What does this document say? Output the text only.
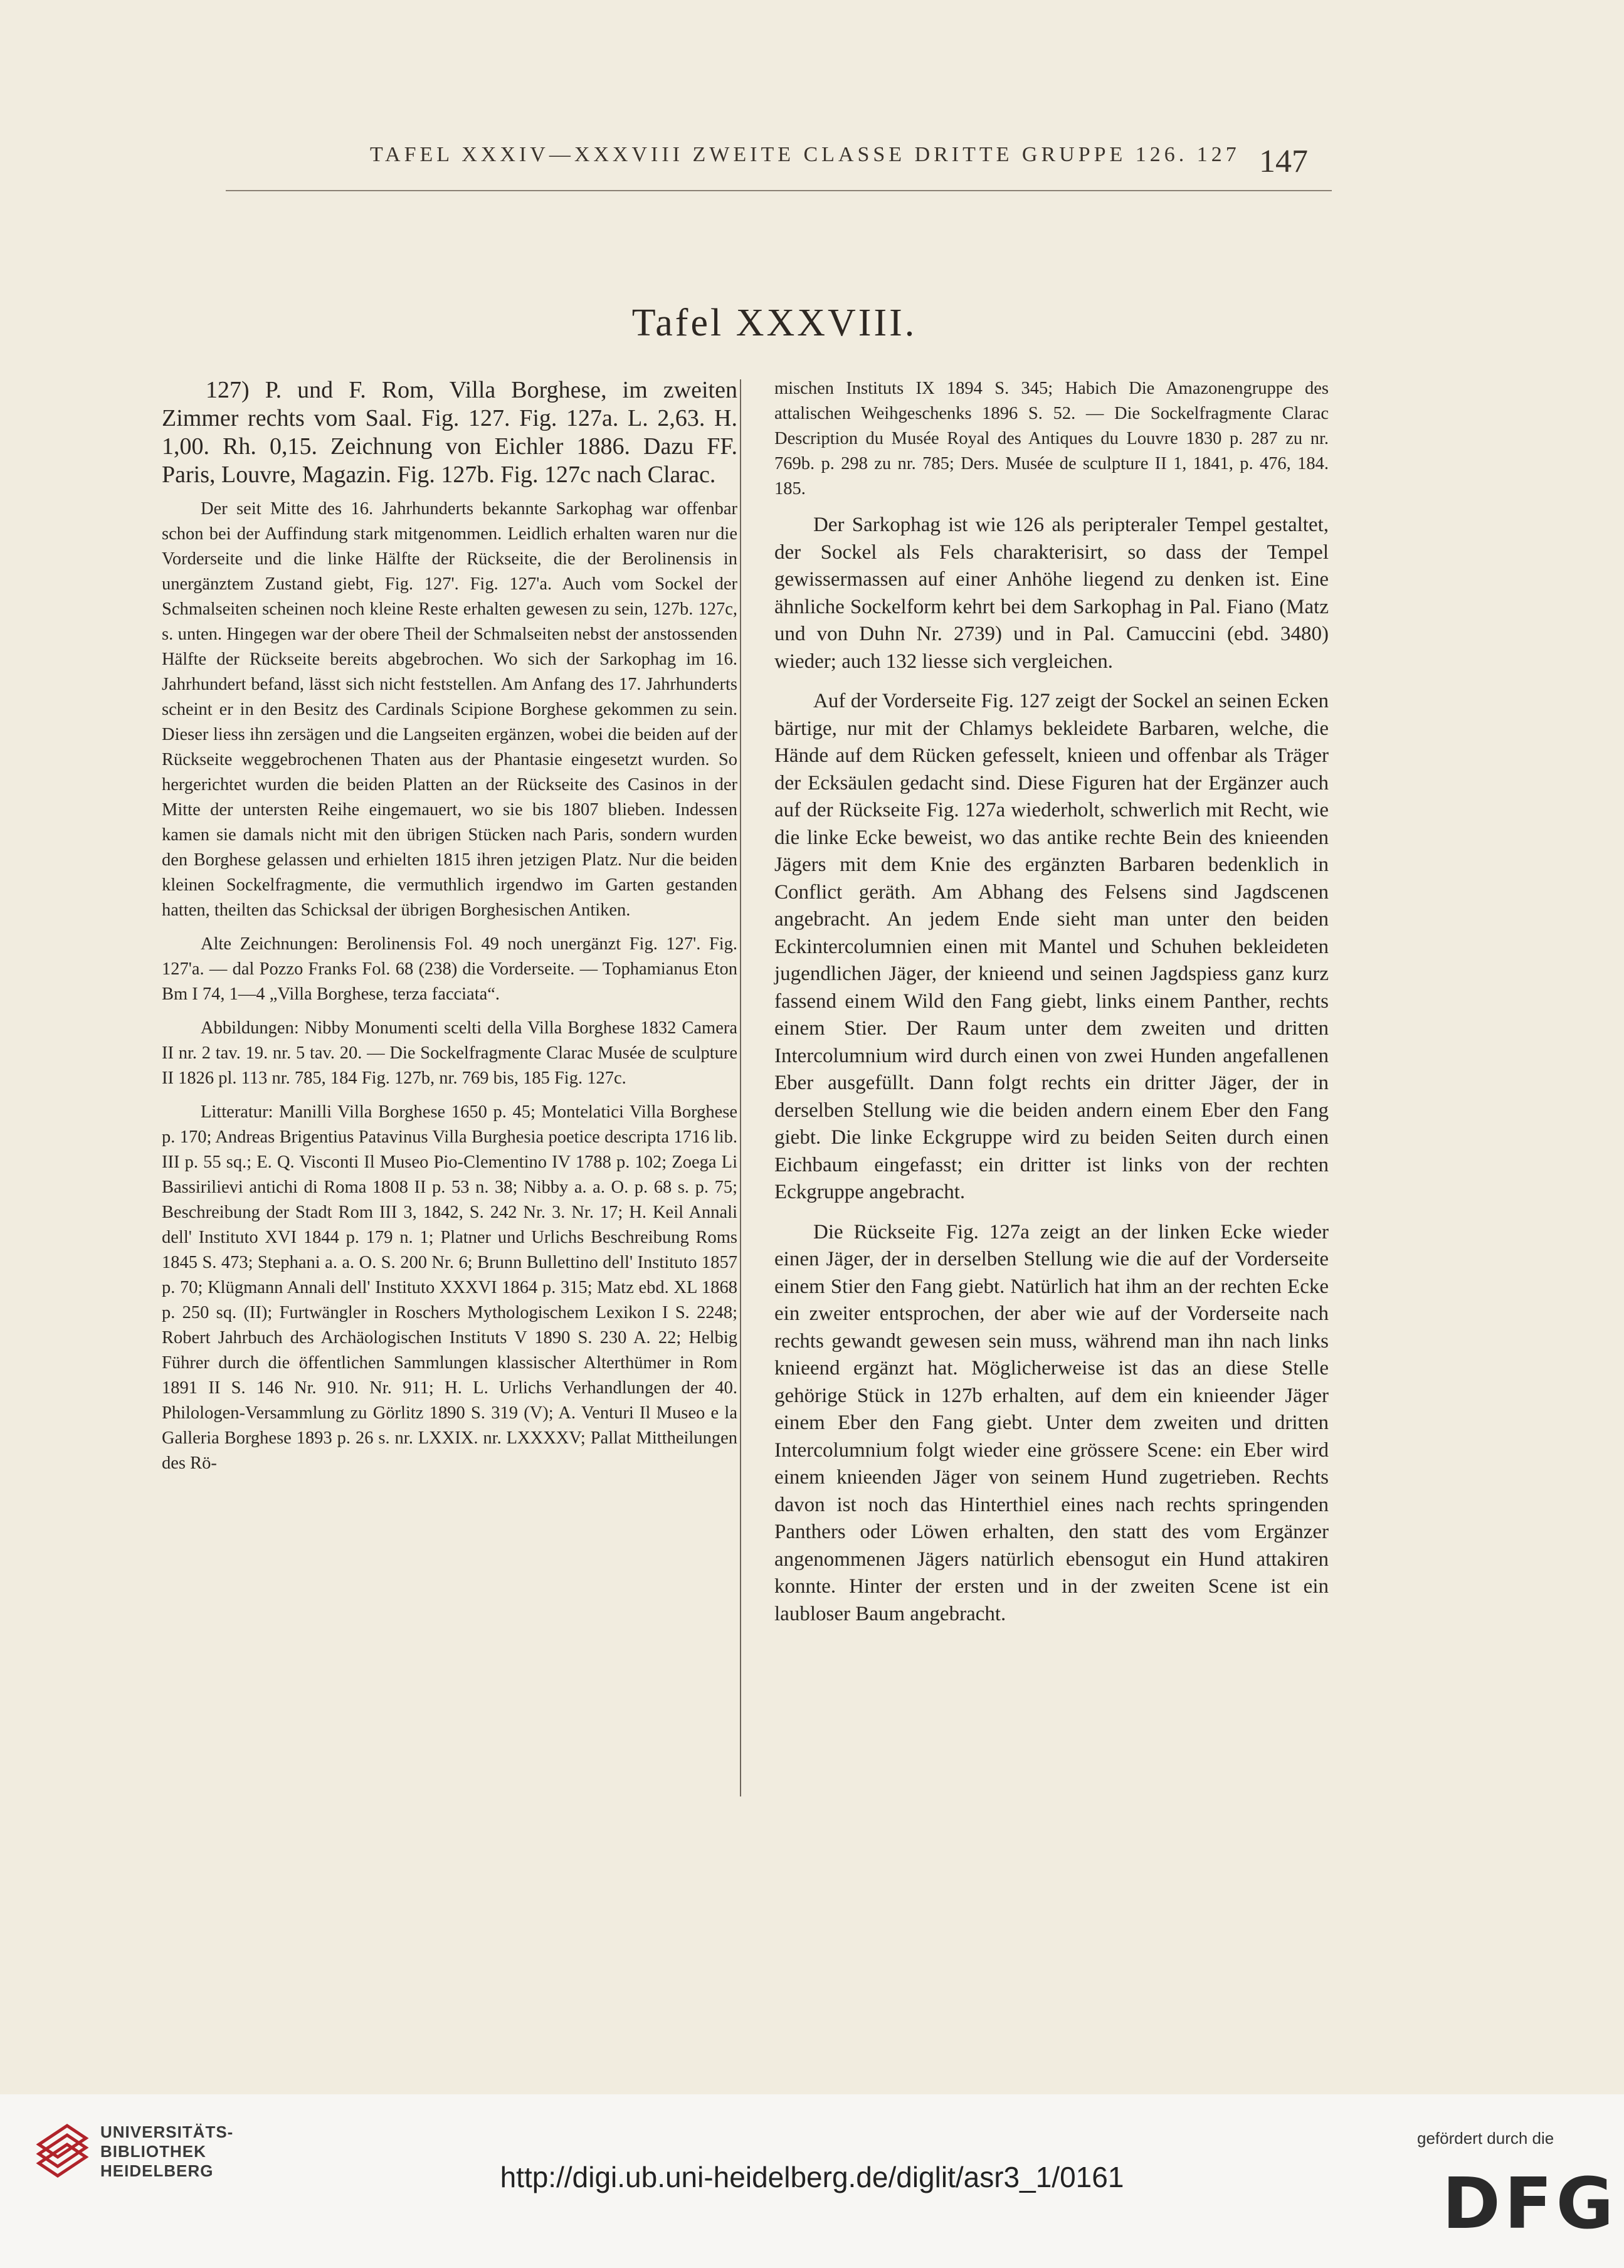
TAFEL XXXIV—XXXVIII ZWEITE CLASSE DRITTE GRUPPE 126. 127 147
Tafel XXXVIII.

127) P. und F. Rom, Villa Borghese, im zweiten Zimmer rechts vom Saal. Fig. 127. Fig. 127a. L. 2,63. H. 1,00. Rh. 0,15. Zeichnung von Eichler 1886. Dazu FF. Paris, Louvre, Magazin. Fig. 127b. Fig. 127c nach Clarac.

Der seit Mitte des 16. Jahrhunderts bekannte Sarkophag war offenbar schon bei der Auffindung stark mitgenommen. Leidlich erhalten waren nur die Vorderseite und die linke Hälfte der Rückseite, die der Berolinensis in unergänztem Zustand giebt, Fig. 127'. Fig. 127'a. Auch vom Sockel der Schmalseiten scheinen noch kleine Reste erhalten gewesen zu sein, 127b. 127c, s. unten. Hingegen war der obere Theil der Schmalseiten nebst der anstossenden Hälfte der Rückseite bereits abgebrochen. Wo sich der Sarkophag im 16. Jahrhundert befand, lässt sich nicht feststellen. Am Anfang des 17. Jahrhunderts scheint er in den Besitz des Cardinals Scipione Borghese gekommen zu sein. Dieser liess ihn zersägen und die Langseiten ergänzen, wobei die beiden auf der Rückseite weggebrochenen Thaten aus der Phantasie eingesetzt wurden. So hergerichtet wurden die beiden Platten an der Rückseite des Casinos in der Mitte der untersten Reihe eingemauert, wo sie bis 1807 blieben. Indessen kamen sie damals nicht mit den übrigen Stücken nach Paris, sondern wurden den Borghese gelassen und erhielten 1815 ihren jetzigen Platz. Nur die beiden kleinen Sockelfragmente, die vermuthlich irgendwo im Garten gestanden hatten, theilten das Schicksal der übrigen Borghesischen Antiken.

Alte Zeichnungen: Berolinensis Fol. 49 noch unergänzt Fig. 127'. Fig. 127'a. — dal Pozzo Franks Fol. 68 (238) die Vorderseite. — Tophamianus Eton Bm I 74, 1—4 „Villa Borghese, terza facciata“.

Abbildungen: Nibby Monumenti scelti della Villa Borghese 1832 Camera II nr. 2 tav. 19. nr. 5 tav. 20. — Die Sockelfragmente Clarac Musée de sculpture II 1826 pl. 113 nr. 785, 184 Fig. 127b, nr. 769 bis, 185 Fig. 127c.

Litteratur: Manilli Villa Borghese 1650 p. 45; Montelatici Villa Borghese p. 170; Andreas Brigentius Patavinus Villa Burghesia poetice descripta 1716 lib. III p. 55 sq.; E. Q. Visconti Il Museo Pio-Clementino IV 1788 p. 102; Zoega Li Bassirilievi antichi di Roma 1808 II p. 53 n. 38; Nibby a. a. O. p. 68 s. p. 75; Beschreibung der Stadt Rom III 3, 1842, S. 242 Nr. 3. Nr. 17; H. Keil Annali dell' Instituto XVI 1844 p. 179 n. 1; Platner und Urlichs Beschreibung Roms 1845 S. 473; Stephani a. a. O. S. 200 Nr. 6; Brunn Bullettino dell' Instituto 1857 p. 70; Klügmann Annali dell' Instituto XXXVI 1864 p. 315; Matz ebd. XL 1868 p. 250 sq. (II); Furtwängler in Roschers Mythologischem Lexikon I S. 2248; Robert Jahrbuch des Archäologischen Instituts V 1890 S. 230 A. 22; Helbig Führer durch die öffentlichen Sammlungen klassischer Alterthümer in Rom 1891 II S. 146 Nr. 910. Nr. 911; H. L. Urlichs Verhandlungen der 40. Philologen-Versammlung zu Görlitz 1890 S. 319 (V); A. Venturi Il Museo e la Galleria Borghese 1893 p. 26 s. nr. LXXIX. nr. LXXXXV; Pallat Mittheilungen des Rö-

mischen Instituts IX 1894 S. 345; Habich Die Amazonengruppe des attalischen Weihgeschenks 1896 S. 52. — Die Sockelfragmente Clarac Description du Musée Royal des Antiques du Louvre 1830 p. 287 zu nr. 769b. p. 298 zu nr. 785; Ders. Musée de sculpture II 1, 1841, p. 476, 184. 185.

Der Sarkophag ist wie 126 als peripteraler Tempel gestaltet, der Sockel als Fels charakterisirt, so dass der Tempel gewissermassen auf einer Anhöhe liegend zu denken ist. Eine ähnliche Sockelform kehrt bei dem Sarkophag in Pal. Fiano (Matz und von Duhn Nr. 2739) und in Pal. Camuccini (ebd. 3480) wieder; auch 132 liesse sich vergleichen.

Auf der Vorderseite Fig. 127 zeigt der Sockel an seinen Ecken bärtige, nur mit der Chlamys bekleidete Barbaren, welche, die Hände auf dem Rücken gefesselt, knieen und offenbar als Träger der Ecksäulen gedacht sind. Diese Figuren hat der Ergänzer auch auf der Rückseite Fig. 127a wiederholt, schwerlich mit Recht, wie die linke Ecke beweist, wo das antike rechte Bein des knieenden Jägers mit dem Knie des ergänzten Barbaren bedenklich in Conflict geräth. Am Abhang des Felsens sind Jagdscenen angebracht. An jedem Ende sieht man unter den beiden Eckintercolumnien einen mit Mantel und Schuhen bekleideten jugendlichen Jäger, der knieend und seinen Jagdspiess ganz kurz fassend einem Wild den Fang giebt, links einem Panther, rechts einem Stier. Der Raum unter dem zweiten und dritten Intercolumnium wird durch einen von zwei Hunden angefallenen Eber ausgefüllt. Dann folgt rechts ein dritter Jäger, der in derselben Stellung wie die beiden andern einem Eber den Fang giebt. Die linke Eckgruppe wird zu beiden Seiten durch einen Eichbaum eingefasst; ein dritter ist links von der rechten Eckgruppe angebracht.

Die Rückseite Fig. 127a zeigt an der linken Ecke wieder einen Jäger, der in derselben Stellung wie die auf der Vorderseite einem Stier den Fang giebt. Natürlich hat ihm an der rechten Ecke ein zweiter entsprochen, der aber wie auf der Vorderseite nach rechts gewandt gewesen sein muss, während man ihn nach links knieend ergänzt hat. Möglicherweise ist das an diese Stelle gehörige Stück in 127b erhalten, auf dem ein knieender Jäger einem Eber den Fang giebt. Unter dem zweiten und dritten Intercolumnium folgt wieder eine grössere Scene: ein Eber wird einem knieenden Jäger von seinem Hund zugetrieben. Rechts davon ist noch das Hinterthiel eines nach rechts springenden Panthers oder Löwen erhalten, den statt des vom Ergänzer angenommenen Jägers natürlich ebensogut ein Hund attakiren konnte. Hinter der ersten und in der zweiten Scene ist ein laubloser Baum angebracht.

UNIVERSITÄTS-
BIBLIOTHEK
HEIDELBERG	http://digi.ub.uni-heidelberg.de/diglit/asr3_1/0161
gefördert durch die
DFG
